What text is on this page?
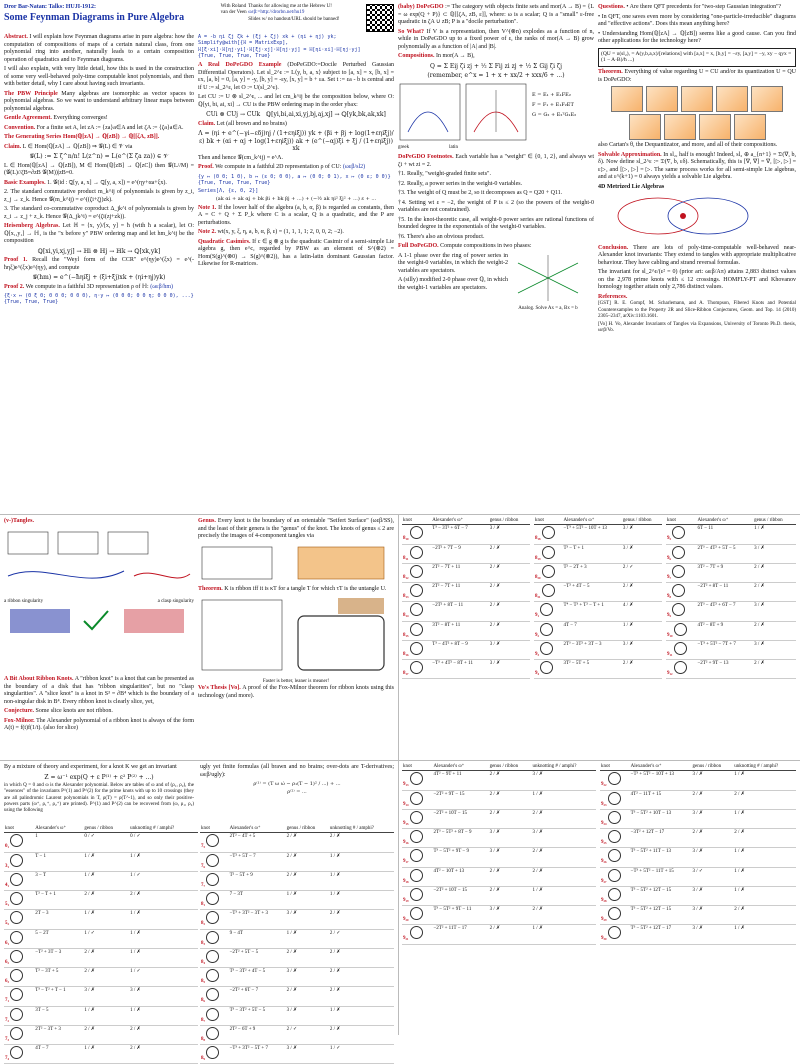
Dror Bar-Natan: Talks: HUJI-1912:
Some Feynman Diagrams in Pure Algebra
With Roland van der Veen
Thanks for allowing me at the Hebrew U!
ωεβ:=http://drorbn.net/hu19
Slides w/ no handout/URL should be banned!

Abstract. I will explain how Feynman diagrams arise in pure algebra: how the computation of compositions of maps of a certain natural class, from one polynomial ring into another, naturally leads to a certain composition operation of quadratics and to Feynman diagrams.

I will also explain, with very little detail, how this is used in the construction of some very well-behaved poly-time computable knot polynomials, and then with better detail, why I care about having such invariants.

The PBW Principle Many algebras are isomorphic as vector spaces to polynomial algebras. So we want to understand arbitrary linear maps between polynomial algebras.

Gentle Agreement. Everything converges!

Convention. For a finite set A, let zA := {za}a∈A and let ζA := {ζa}a∈A.

The Generating Series Hom(ℚ[zA] → ℚ[zB]) → ℚ[[ζA, zB]].

Claim. L ∈ Hom(ℚ[zA] → ℚ[zB]) ⇒ 𝒢(L) ∈ 𝒱 via

𝒢(L) := Σ ζ^n/n! L(z^n) = L(e^(Σ ζa za)) ∈ 𝒱

L ∈ Hom(ℚ[zA] → ℚ[zB]), M ∈ Hom(ℚ[zB] → ℚ[zC]) then 𝒢(L//M) = (𝒢(L)//ζB=∂zB 𝒢(M))|zB=0.

Basic Examples. 1. 𝒢(id : ℚ[y, a, x] → ℚ[y, a, x]) = e^(ηy+αa+ξx).

2. The standard commutative product m_k^ij of polynomials is given by z_i, z_j → z_k. Hence 𝒢(m_k^ij) = e^((ζi+ζj)zk).

3. The standard co-commutative coproduct Δ_jk^i of polynomials is given by z_i → z_j + z_k. Hence 𝒢(Δ_jk^i) = e^(ζi(zj+zk)).

Heisenberg Algebras. Let ℍ = ⟨x, y⟩/[x, y] = ħ (with ħ a scalar), let O: ℚ[x₁,y₁] → ℍ₁ is the "x before y" PBW ordering map and let hm_k^ij be the composition

ℚ[xi,yi,xj,yj] → ℍi ⊗ ℍj → ℍk → ℚ[xk,yk]

Proof 1. Recall the "Weyl form of the CCR" e^(ηy)e^(ξx) = e^(-ħηξ)e^(ξx)e^(ηy), and compute

𝒢(hm) = e^(−ħηiξj + (ξi+ξj)xk + (ηi+ηj)yk)

Proof 2. We compute in a faithful 3D representation ρ of ℍ: (ωεβ/hm)

{ξ·x ↦ (0 ξ 0; 0 0 0; 0 0 0), η·y ↦ (0 0 0; 0 0 η; 0 0 0), ...}
{True, True, True}
A = -b ηi ζj ζk + (ξj + ζj) xk + (ηi + ηj) yk;
Simplify@with[{ℍ = MatrixExp],
ℍ[ξ·xi]·ℍ[ηj·yi]·ℍ[ξj·xj]·ℍ[ηj·yj] = ℍ[ηi·xi]·ℍ[ηj·yj]
{True, True, True, True}

A Real DoPeGDO Example (DoPeGDO:=Docile Perturbed Gaussian Differential Operators). Let sl_2^ε := L⟨y, b, a, x⟩ subject to [a, x] = x, [b, x] = εx, [a, b] = 0, [a, y] = -y, [b, y] = -εy, [x, y] = b + εa. Set t := εa - b is central and if U := sl_2^ε, let O := U(sl_2^ε).

Let CU := U ⊗ sl_2^ε, ... and let cm_k^ij be the composition below, where O: ℚ[yi, bi, ai, xi] → CU is the PBW ordering map in the order ybax:

CUi ⊗ CUj → CUk   ℚ[yi,bi,ai,xi,yj,bj,aj,xj] → ℚ[yk,bk,ak,xk]

Claim. Let (all brown and no brains)

Λ = (ηi + e^(−γi−εδj)ηj / (1+εηiξj)) yk + (βi + βj + log(1+εηiξj)/ε) bk + (αi + αj + log(1+εηiξj)) ak + (e^(−αj)ξi + ξj / (1+εηiξj)) xk

Then and hence 𝒢(cm_k^ij) = e^Λ.

Proof. We compute in a faithful 2D representation ρ of CU: (ωεβ/sl2)

{y ↦ (0 0; 1 0), b ↦ (ε 0; 0 0), a ↦ (0 0; 0 1), x ↦ (0 ε; 0 0)}
{True, True, True, True}
Series[Λ, {ε, 0, 2}]
(ak αi + ak αj + bk βi + bk βj + ...) + (−½ ak ηi² ξj² + ...) ε + ...

Note 1. If the lower half of the algebra (a, b, α, β) is regarded as constants, then A = C + Q + Σ P_k where C is a scalar, Q is a quadratic, and the P are perturbations.

Note 2. wt(x, y, ξ, η, a, b, α, β, ε) = (1, 1, 1, 1; 2, 0, 0, 2; −2).

Quadratic Casimirs. If c ∈ g ⊗ g is the quadratic Casimir of a semi-simple Lie algebra g, then e^c, regarded by PBW as an element of S^(⊗2) = Hom(S(g)^(⊗0) → S(g)^(⊗2)), has a latin-latin dominant Gaussian factor. Likewise for R-matrices.

(baby) DoPeGDO := The category with objects finite sets and mor(A → B) = {L = ω exp(Q + P)} ⊂ ℚ[[ζA, zB, ε]], where: ω is a scalar; Q is a "small" ε-free quadratic in ζA ∪ zB; P is a "docile perturbation".

So What? If V is a representation, then V^(⊗n) explodes as a function of n, while in DoPeGDO up to a fixed power of ε, the ranks of mor(A → B) grow polynomially as a function of |A| and |B|.

Compositions. In mor(A → B),

Q = Σ Eij ζi zj + ½ Σ Fij zi zj + ½ Σ Gij ζi ζj
(remember, e^x = 1 + x + xx/2 + xxx/6 + ...)
E = E₁ + E₁FE₂
F = F₁ + E₁F₂ET
G = G₂ + E₂ᵀG₁E₂
greek	latin

DoPeGDO Footnotes. Each variable has a "weight" ∈ {0, 1, 2}, and always wt ζi + wt zi = 2.

†1. Really, "weight-graded finite sets".

†2. Really, a power series in the weight-0 variables.

†3. The weight of Q must be 2, so it decomposes as Q = Q20 + Q11.

†4. Setting wt ε = −2, the weight of P is ≤ 2 (so the powers of the weight-0 variables are not constrained).

†5. In the knot-theoretic case, all weight-0 power series are rational functions of bounded degree in the exponentials of the weight-0 variables.

†6. There's also an obvious product.

Full DoPeGDO. Compute compositions in two phases:

A 1-1 phase over the ring of power series in the weight-0 variables, in which the weight-2 variables are spectators.

A (silly) modified 2-0 phase over ℚ, in which the weight-1 variables are spectators.

Analog. Solve Ax = a, Bx = b

Questions. • Are there QFT precedents for "two-step Gaussian integration"?

• In QFT, one saves even more by considering "one-particle-irreducible" diagrams and "effective actions". Does this mean anything here?

• Understanding Hom(ℚ[zA] → ℚ[zB]) seems like a good cause. Can you find other applications for the technology here?

(QU = 𝔲(sl₂), = A(y,b,a,x)/[relations] with [a,x] = x, [b,y] = −εy, [a,y] = −y, xy − qyx = (1 − A·B)/ħ ...)

Theorem. Everything of value regarding U = CU and/or its quantization U = QU is DoPeGDO:

also Cartan's θ, the Dequantizator, and more, and all of their compositions.

Solvable Approximation. In sl₂, half is enough! Indeed, sl₂ ⊕ a_{n+1} = 𝔇(∇, b, δ). Now define sl_2^ε := 𝔇(∇, b, εδ). Schematically, this is [∇, ∇] = ∇, [▷, ▷] = ε▷, and [▷, ▷] = ▷. The same process works for all semi-simple Lie algebras, and at ε^(k+1) = 0 always yields a solvable Lie algebra.

4D Metrized Lie Algebras

Conclusion. There are lots of poly-time-computable well-behaved near-Alexander knot invariants: They extend to tangles with appropriate multiplicative behaviour. They have cabling and strand reversal formulas.

The invariant for sl_2^ε/(ε² = 0) (prior art: ωεβ/Aπ) attains 2,883 distinct values on the 2,978 prime knots with ≤ 12 crossings. HOMFLY-PT and Khovanov homology together attain only 2,786 distinct values.

References.

[GST] R. E. Gompf, M. Scharlemann, and A. Thompson, Fibered Knots and Potential Counterexamples to the Property 2R and Slice-Ribbon Conjectures, Geom. and Top. 14 (2010) 2305–2347, arXiv:1103.1601.

[Vo] H. Vo, Alexander Invariants of Tangles via Expansions, University of Toronto Ph.D. thesis, ωεβ/Vo.

(v-)Tangles.
a ribbon singularity	a clasp singularity

A Bit About Ribbon Knots. A "ribbon knot" is a knot that can be presented as the boundary of a disk that has "ribbon singularities", but no "clasp singularities". A "slice knot" is a knot in S³ = ∂B⁴ which is the boundary of a non-singular disk in B⁴. Every ribbon knot is clearly slice, yet,

Conjecture. Some slice knots are not ribbon.

Fox-Milnor. The Alexander polynomial of a ribbon knot is always of the form A(t) = f(t)f(1/t). (also for slice)

Genus. Every knot is the boundary of an orientable "Seifert Surface" (ωεβ/SS), and the least of their genera is the "genus" of the knot. The knots of genus ≤ 2 are precisely the images of 4-component tangles via

Theorem. K is ribbon iff it is κT for a tangle T for which τT is the untangle U.

Faster is better, leaner is meaner!

Vo's Thesis [Vo]. A proof of the Fox-Milnor theorem for ribbon knots using this technology (and more).

By a mixture of theory and experiment, for a knot K we get an invariant

Z = ω⁻¹ exp(Q + ε P⁽¹⁾ + ε² P⁽²⁾ + ...)

in which Q = 0 and ω is the Alexander polynomial. Below are tables of ω and of (ρ₁, ρ₂), the "essences" of the invariants P^(1) and P^(2) for the prime knots with up to 10 crossings (they are all palindromic Laurent polynomials in T, ρ(T) = ρ(T^-1), and so only their positive-powers parts (ω⁺, ρ₁⁺, ρ₂⁺) are printed). P^(1) and P^(2) can be recovered from (ω, ρ₁, ρ₂) using the following

ugly yet finite formulas (all brawn and no brains; over-dots are T-derivatives; ωεβ/ugly):

ρ⁽¹⁾ = (T ω ω̇ − ρ₁(T − 1)² / ...) + ...
ρ⁽²⁾ = ...
knot	Alexander's ω⁺	genus / ribbon	unknotting # / amphi?
0₁	1	0 / ✓	0 / ✓
3₁	T − 1	1 / ✗	1 / ✗
4₁	3 − T	1 / ✗	1 / ✓
5₁	T² − T + 1	2 / ✗	2 / ✗
5₂	2T − 3	1 / ✗	1 / ✗
6₁	5 − 2T	1 / ✓	1 / ✗
6₂	−T² + 3T − 3	2 / ✗	1 / ✗
6₃	T² − 3T + 5	2 / ✗	1 / ✓
7₁	T³ − T² + T − 1	3 / ✗	3 / ✗
7₂	3T − 5	1 / ✗	1 / ✗
7₃	2T² − 3T + 3	2 / ✗	2 / ✗
7₄	4T − 7	1 / ✗	2 / ✗
knot	Alexander's ω⁺	genus / ribbon	unknotting # / amphi?
7₅	2T² − 4T + 5	2 / ✗	2 / ✗
7₆	−T² + 5T − 7	2 / ✗	1 / ✗
7₇	T² − 5T + 9	2 / ✗	1 / ✗
8₁	7 − 3T	1 / ✗	1 / ✗
8₂	−T³ + 3T² − 3T + 3	3 / ✗	2 / ✗
8₃	9 − 4T	1 / ✗	2 / ✓
8₄	−2T² + 5T − 5	2 / ✗	2 / ✗
8₅	T³ − 3T² + 4T − 5	3 / ✗	2 / ✗
8₆	−2T² + 6T − 7	2 / ✗	2 / ✗
8₇	T³ − 3T² + 5T − 5	3 / ✗	1 / ✗
8₈	2T² − 6T + 9	2 / ✓	2 / ✗
8₉	−T³ + 3T² − 5T + 7	3 / ✗	1 / ✓
knot	Alexander's ω⁺	genus / ribbon
8₁₀	T³ − 3T² + 6T − 7	3 / ✗
8₁₁	−2T² + 7T − 9	2 / ✗
8₁₂	2T² − 7T + 11	2 / ✗
8₁₃	2T² − 7T + 11	2 / ✗
8₁₄	−2T² + 8T − 11	2 / ✗
8₁₅	3T² − 8T + 11	2 / ✗
8₁₆	T³ − 4T² + 8T − 9	3 / ✗
8₁₇	−T³ + 4T² − 8T + 11	3 / ✗
knot	Alexander's ω⁺	genus / ribbon
8₁₈	−T³ + 5T² − 10T + 13	3 / ✗
8₁₉	T³ − T + 1	3 / ✗
8₂₀	T² − 2T + 3	2 / ✓
8₂₁	−T² + 4T − 5	2 / ✗
9₁	T⁴ − T³ + T² − T + 1	4 / ✗
9₂	4T − 7	1 / ✗
9₃	2T³ − 3T² + 3T − 3	3 / ✗
9₄	3T² − 5T + 5	2 / ✗
knot	Alexander's ω⁺	genus / ribbon
9₅	6T − 11	1 / ✗
9₆	2T³ − 4T² + 5T − 5	3 / ✗
9₇	3T² − 7T + 9	2 / ✗
9₈	−2T² + 8T − 11	2 / ✗
9₉	2T³ − 4T² + 6T − 7	3 / ✗
9₁₀	4T² − 8T + 9	2 / ✗
9₁₁	−T³ + 5T² − 7T + 7	3 / ✗
9₁₂	−2T² + 9T − 13	2 / ✗
knot	Alexander's ω⁺	genus / ribbon	unknotting # / amphi?
9₁₃	4T² − 9T + 11	2 / ✗	3 / ✗
9₁₄	−2T² + 9T − 15	2 / ✗	1 / ✗
9₁₅	−2T² + 10T − 15	2 / ✗	2 / ✗
9₁₆	2T³ − 5T² + 8T − 9	3 / ✗	3 / ✗
9₁₇	T³ − 5T² + 9T − 9	3 / ✗	2 / ✗
9₁₈	4T² − 10T + 13	2 / ✗	2 / ✗
9₁₉	−2T² + 10T − 15	2 / ✗	1 / ✗
9₂₀	T³ − 5T² + 9T − 11	3 / ✗	2 / ✗
9₂₁	−2T² + 11T − 17	2 / ✗	1 / ✗
knot	Alexander's ω⁺	genus / ribbon	unknotting # / amphi?
9₂₂	−T³ + 5T² − 10T + 13	3 / ✗	1 / ✗
9₂₃	4T² − 11T + 15	2 / ✗	2 / ✗
9₂₄	T³ − 5T² + 10T − 13	3 / ✗	1 / ✗
9₂₅	−3T² + 12T − 17	2 / ✗	2 / ✗
9₂₆	T³ − 5T² + 11T − 13	3 / ✗	1 / ✗
9₂₇	−T³ + 5T² − 11T + 15	3 / ✓	1 / ✗
9₂₈	T³ − 5T² + 12T − 15	3 / ✗	1 / ✗
9₂₉	T³ − 5T² + 12T − 15	3 / ✗	2 / ✗
9₃₀	T³ − 5T² + 12T − 17	3 / ✗	1 / ✗
